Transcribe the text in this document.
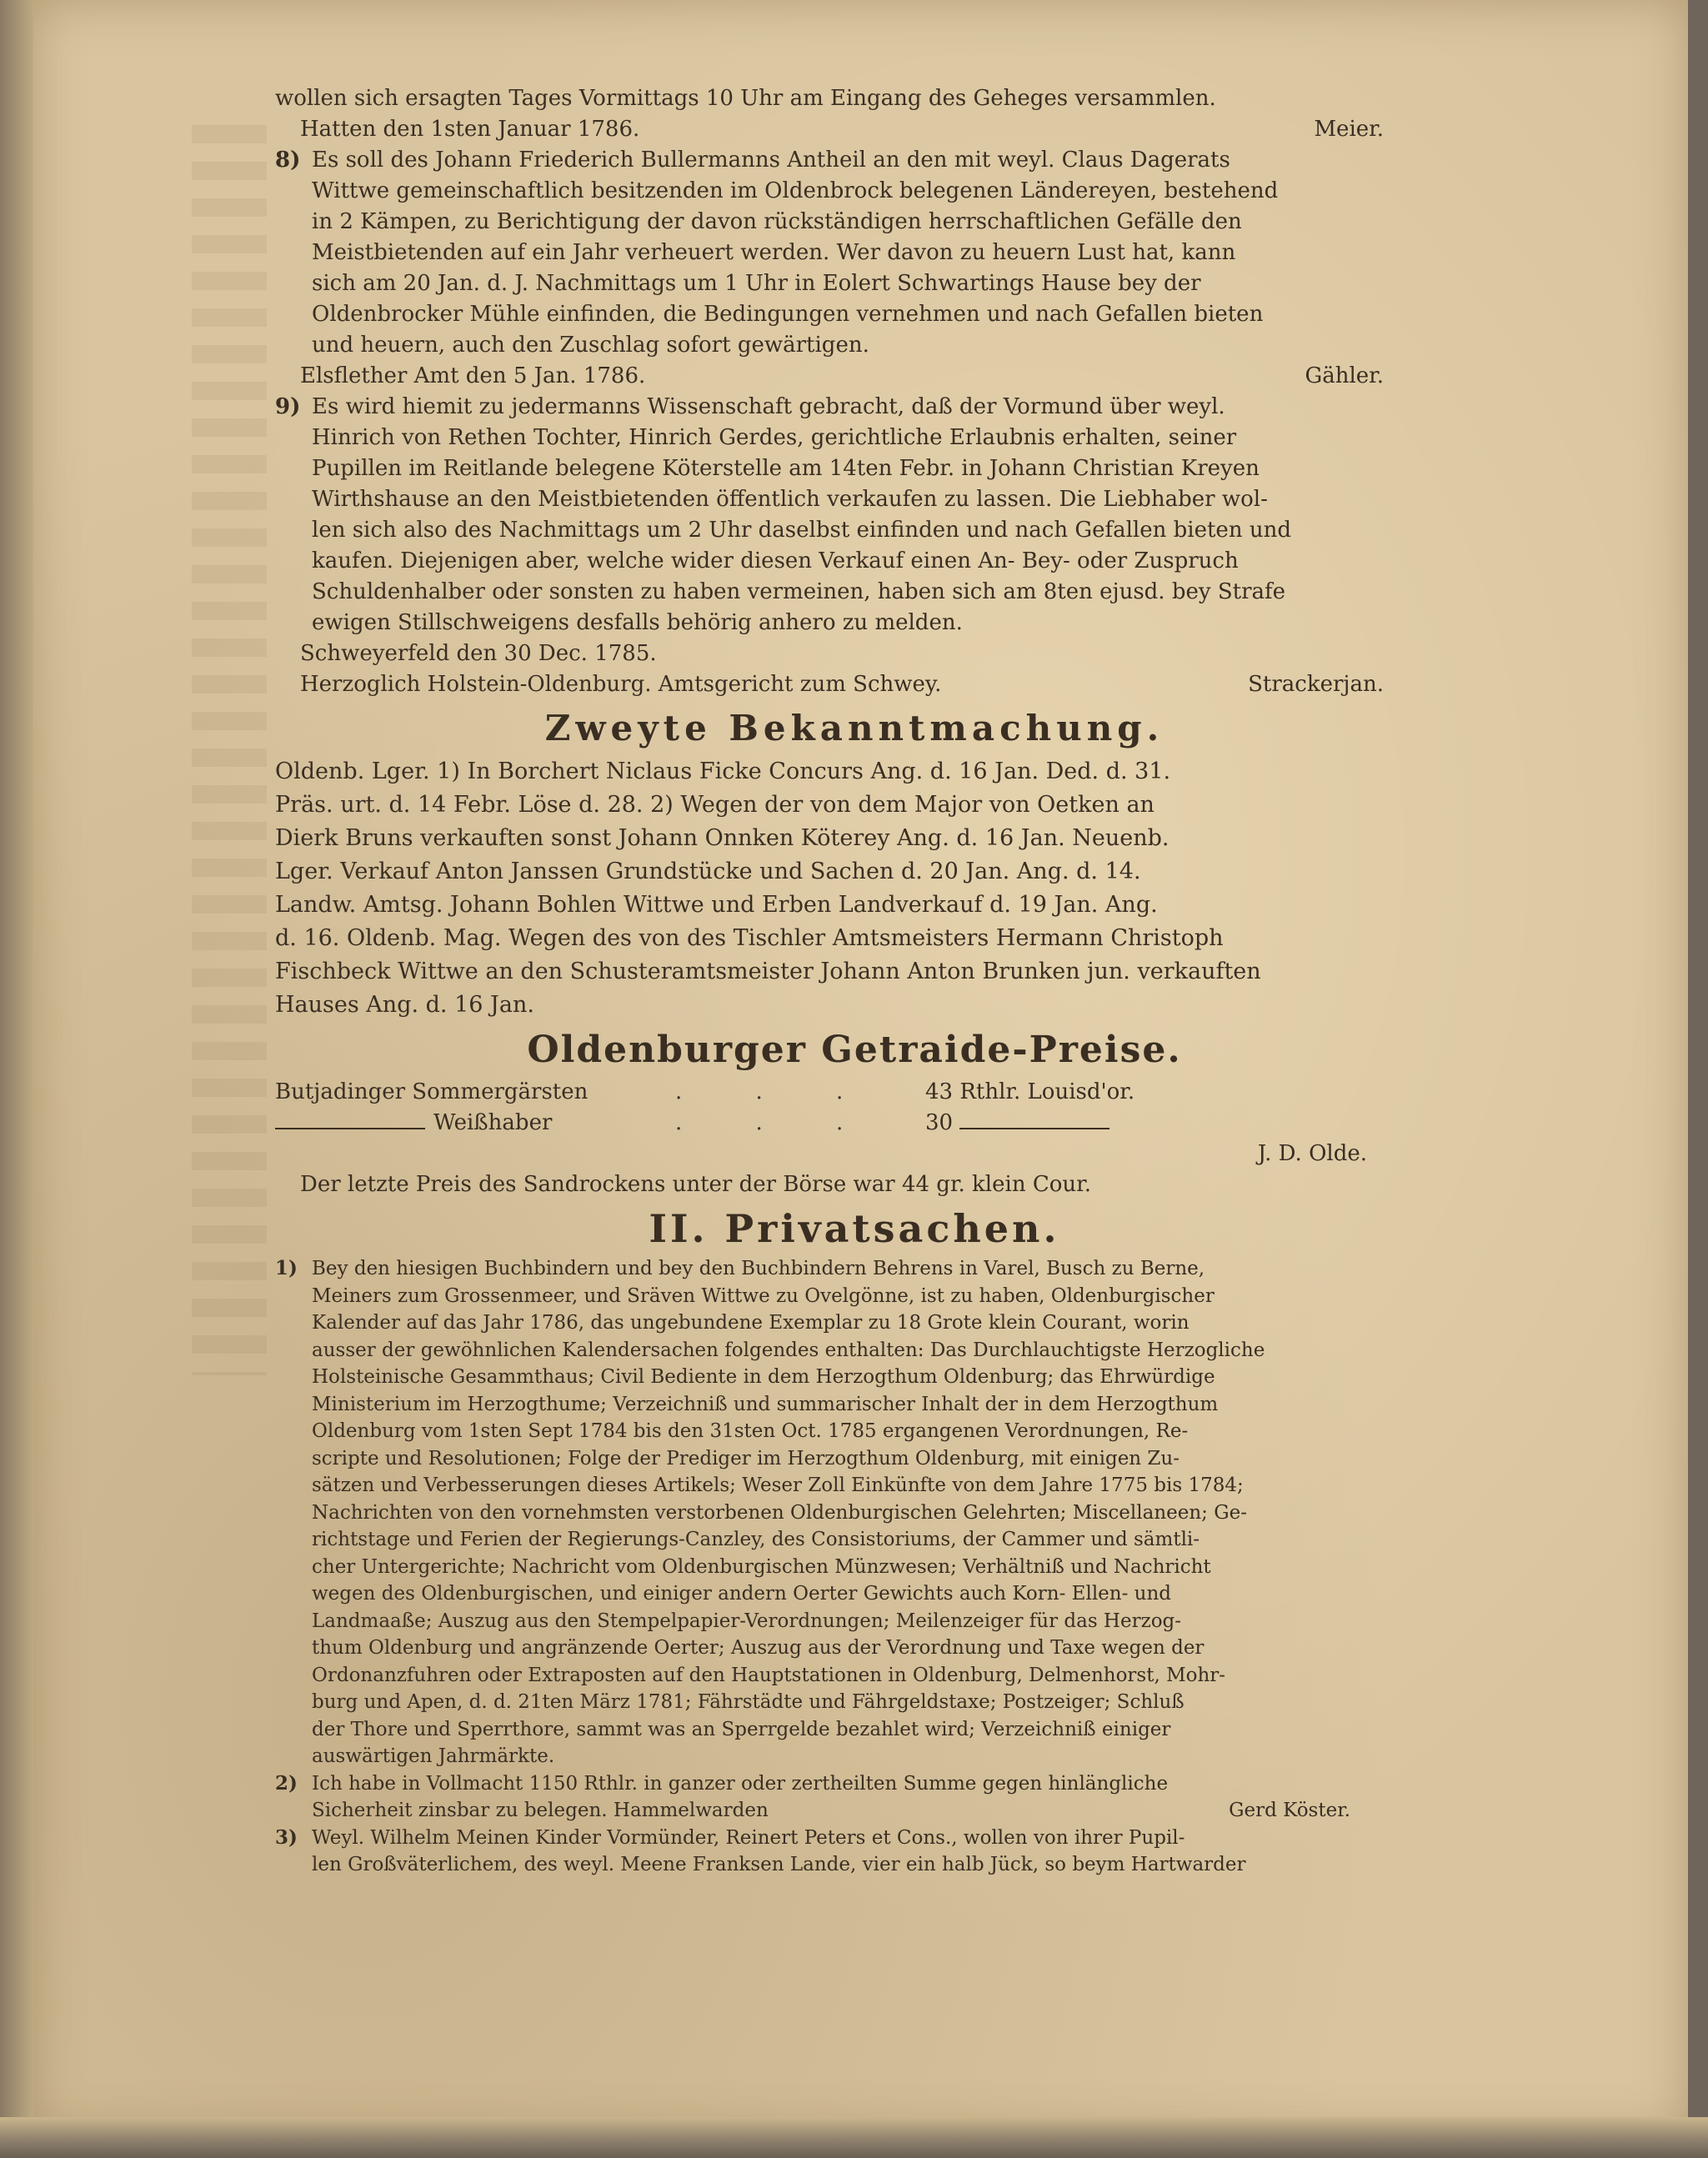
wollen sich ersagten Tages Vormittags 10 Uhr am Eingang des Geheges versammlen.

Hatten den 1sten Januar 1786.	Meier.
8) Es soll des Johann Friederich Bullermanns Antheil an den mit weyl. Claus Dagerats

Wittwe gemeinschaftlich besitzenden im Oldenbrock belegenen Ländereyen, bestehend

in 2 Kämpen, zu Berichtigung der davon rückständigen herrschaftlichen Gefälle den

Meistbietenden auf ein Jahr verheuert werden. Wer davon zu heuern Lust hat, kann

sich am 20 Jan. d. J. Nachmittags um 1 Uhr in Eolert Schwartings Hause bey der

Oldenbrocker Mühle einfinden, die Bedingungen vernehmen und nach Gefallen bieten

und heuern, auch den Zuschlag sofort gewärtigen.

Elsflether Amt den 5 Jan. 1786.	Gähler.
9) Es wird hiemit zu jedermanns Wissenschaft gebracht, daß der Vormund über weyl.

Hinrich von Rethen Tochter, Hinrich Gerdes, gerichtliche Erlaubnis erhalten, seiner

Pupillen im Reitlande belegene Köterstelle am 14ten Febr. in Johann Christian Kreyen

Wirthshause an den Meistbietenden öffentlich verkaufen zu lassen. Die Liebhaber wol-

len sich also des Nachmittags um 2 Uhr daselbst einfinden und nach Gefallen bieten und

kaufen. Diejenigen aber, welche wider diesen Verkauf einen An- Bey- oder Zuspruch

Schuldenhalber oder sonsten zu haben vermeinen, haben sich am 8ten ejusd. bey Strafe

ewigen Stillschweigens desfalls behörig anhero zu melden.

Schweyerfeld den 30 Dec. 1785.

Herzoglich Holstein-Oldenburg. Amtsgericht zum Schwey.	Strackerjan.
Zweyte Bekanntmachung.

Oldenb. Lger. 1) In Borchert Niclaus Ficke Concurs Ang. d. 16 Jan. Ded. d. 31.

Präs. urt. d. 14 Febr. Löse d. 28. 2) Wegen der von dem Major von Oetken an

Dierk Bruns verkauften sonst Johann Onnken Köterey Ang. d. 16 Jan. Neuenb.

Lger. Verkauf Anton Janssen Grundstücke und Sachen d. 20 Jan. Ang. d. 14.

Landw. Amtsg. Johann Bohlen Wittwe und Erben Landverkauf d. 19 Jan. Ang.

d. 16. Oldenb. Mag. Wegen des von des Tischler Amtsmeisters Hermann Christoph

Fischbeck Wittwe an den Schusteramtsmeister Johann Anton Brunken jun. verkauften

Hauses Ang. d. 16 Jan.

Oldenburger Getraide-Preise.
Butjadinger Sommergärsten	. . .	43 Rthlr. Louisd'or.
Weißhaber	. . .	30

J. D. Olde.

Der letzte Preis des Sandrockens unter der Börse war 44 gr. klein Cour.

II. Privatsachen.
1) Bey den hiesigen Buchbindern und bey den Buchbindern Behrens in Varel, Busch zu Berne,

Meiners zum Grossenmeer, und Sräven Wittwe zu Ovelgönne, ist zu haben, Oldenburgischer

Kalender auf das Jahr 1786, das ungebundene Exemplar zu 18 Grote klein Courant, worin

ausser der gewöhnlichen Kalendersachen folgendes enthalten: Das Durchlauchtigste Herzogliche

Holsteinische Gesammthaus; Civil Bediente in dem Herzogthum Oldenburg; das Ehrwürdige

Ministerium im Herzogthume; Verzeichniß und summarischer Inhalt der in dem Herzogthum

Oldenburg vom 1sten Sept 1784 bis den 31sten Oct. 1785 ergangenen Verordnungen, Re-

scripte und Resolutionen; Folge der Prediger im Herzogthum Oldenburg, mit einigen Zu-

sätzen und Verbesserungen dieses Artikels; Weser Zoll Einkünfte von dem Jahre 1775 bis 1784;

Nachrichten von den vornehmsten verstorbenen Oldenburgischen Gelehrten; Miscellaneen; Ge-

richtstage und Ferien der Regierungs-Canzley, des Consistoriums, der Cammer und sämtli-

cher Untergerichte; Nachricht vom Oldenburgischen Münzwesen; Verhältniß und Nachricht

wegen des Oldenburgischen, und einiger andern Oerter Gewichts auch Korn- Ellen- und

Landmaaße; Auszug aus den Stempelpapier-Verordnungen; Meilenzeiger für das Herzog-

thum Oldenburg und angränzende Oerter; Auszug aus der Verordnung und Taxe wegen der

Ordonanzfuhren oder Extraposten auf den Hauptstationen in Oldenburg, Delmenhorst, Mohr-

burg und Apen, d. d. 21ten März 1781; Fährstädte und Fährgeldstaxe; Postzeiger; Schluß

der Thore und Sperrthore, sammt was an Sperrgelde bezahlet wird; Verzeichniß einiger

auswärtigen Jahrmärkte.

2) Ich habe in Vollmacht 1150 Rthlr. in ganzer oder zertheilten Summe gegen hinlängliche

Sicherheit zinsbar zu belegen. Hammelwarden	Gerd Köster.
3) Weyl. Wilhelm Meinen Kinder Vormünder, Reinert Peters et Cons., wollen von ihrer Pupil-

len Großväterlichem, des weyl. Meene Franksen Lande, vier ein halb Jück, so beym Hartwarder
